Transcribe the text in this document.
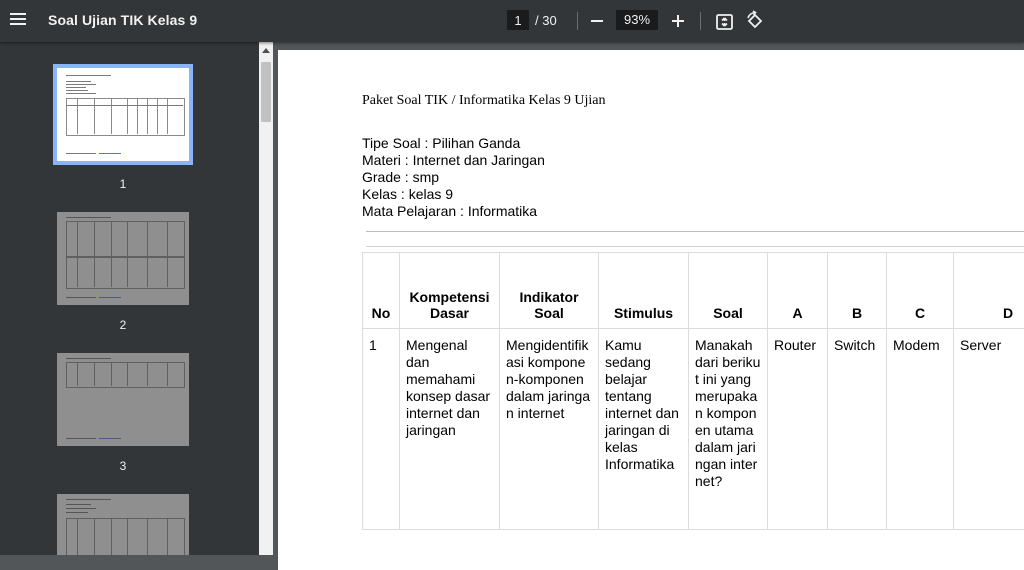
Soal Ujian TIK Kelas 9
1	/ 30	93%
1
2
3
Paket Soal TIK / Informatika Kelas 9 Ujian
Tipe Soal : Pilihan Ganda
Materi : Internet dan Jaringan
Grade : smp
Kelas : kelas 9
Mata Pelajaran : Informatika
No	Kompetensi Dasar	Indikator Soal	Stimulus	Soal	A	B	C	D
1	Mengenal dan memahami konsep dasar internet dan jaringan	Mengidentifikasi komponen-komponen dalam jaringan internet	Kamu sedang belajar tentang internet dan jaringan di kelas Informatika	Manakah dari berikut ini yang merupakan komponen utama dalam jaringan internet?	Router	Switch	Modem	Server
